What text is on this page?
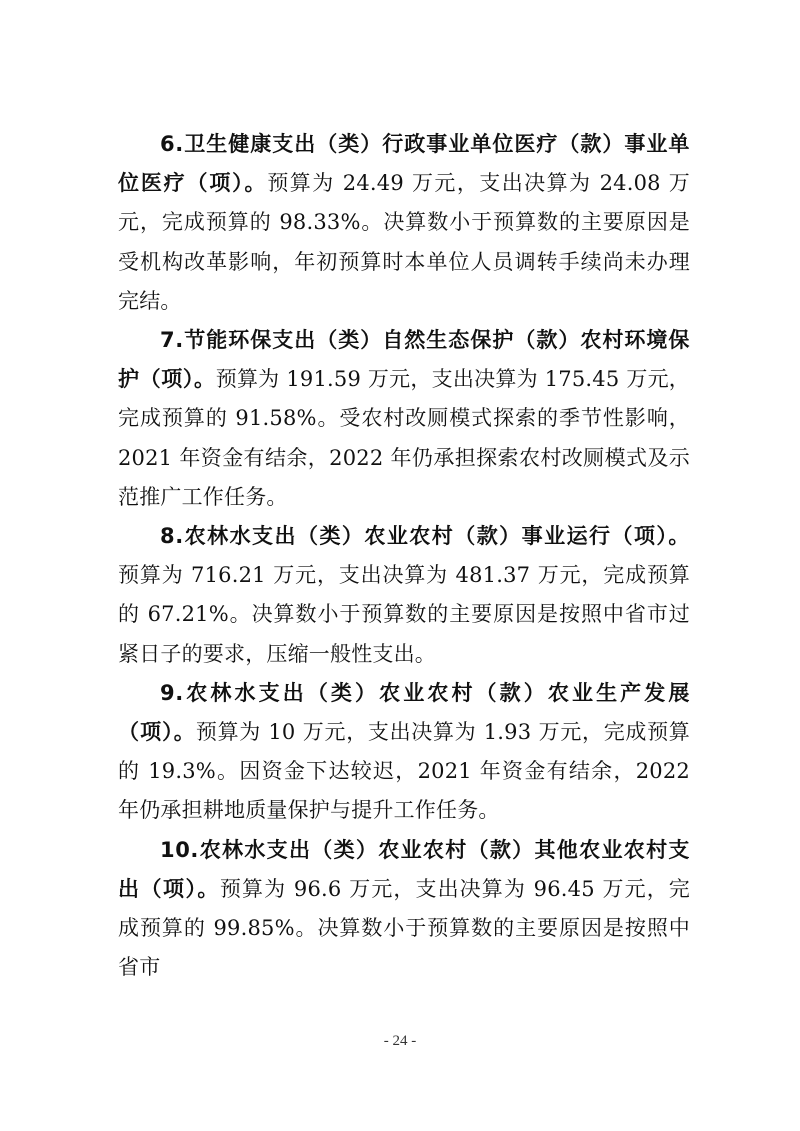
6.卫生健康支出（类）行政事业单位医疗（款）事业单位医疗（项）。预算为 24.49 万元，支出决算为 24.08 万元，完成预算的 98.33%。决算数小于预算数的主要原因是受机构改革影响，年初预算时本单位人员调转手续尚未办理完结。

7.节能环保支出（类）自然生态保护（款）农村环境保护（项）。预算为 191.59 万元，支出决算为 175.45 万元，完成预算的 91.58%。受农村改厕模式探索的季节性影响，2021 年资金有结余，2022 年仍承担探索农村改厕模式及示范推广工作任务。

8.农林水支出（类）农业农村（款）事业运行（项）。预算为 716.21 万元，支出决算为 481.37 万元，完成预算的 67.21%。决算数小于预算数的主要原因是按照中省市过紧日子的要求，压缩一般性支出。

9.农林水支出（类）农业农村（款）农业生产发展（项）。预算为 10 万元，支出决算为 1.93 万元，完成预算的 19.3%。因资金下达较迟，2021 年资金有结余，2022 年仍承担耕地质量保护与提升工作任务。

10.农林水支出（类）农业农村（款）其他农业农村支出（项）。预算为 96.6 万元，支出决算为 96.45 万元，完成预算的 99.85%。决算数小于预算数的主要原因是按照中省市

- 24 -
